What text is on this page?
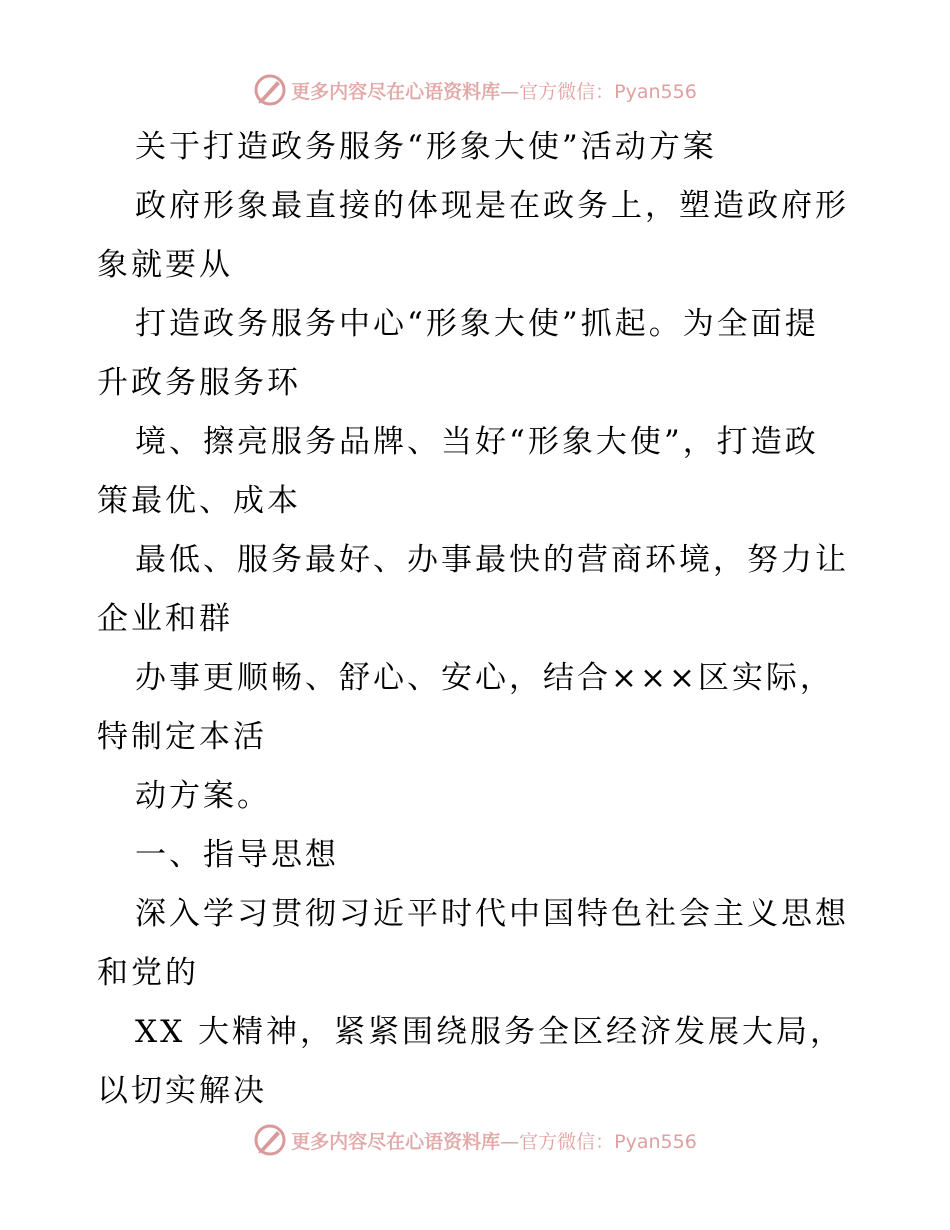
更多内容尽在心语资料库—官方微信：Pyan556
关于打造政务服务“形象大使”活动方案
政府形象最直接的体现是在政务上，塑造政府形
象就要从
打造政务服务中心“形象大使”抓起。为全面提
升政务服务环
境、擦亮服务品牌、当好“形象大使”，打造政
策最优、成本
最低、服务最好、办事最快的营商环境，努力让
企业和群
办事更顺畅、舒心、安心，结合×××区实际，
特制定本活
动方案。
一、指导思想
深入学习贯彻习近平时代中国特色社会主义思想
和党的
XX 大精神，紧紧围绕服务全区经济发展大局，
以切实解决
更多内容尽在心语资料库—官方微信：Pyan556
